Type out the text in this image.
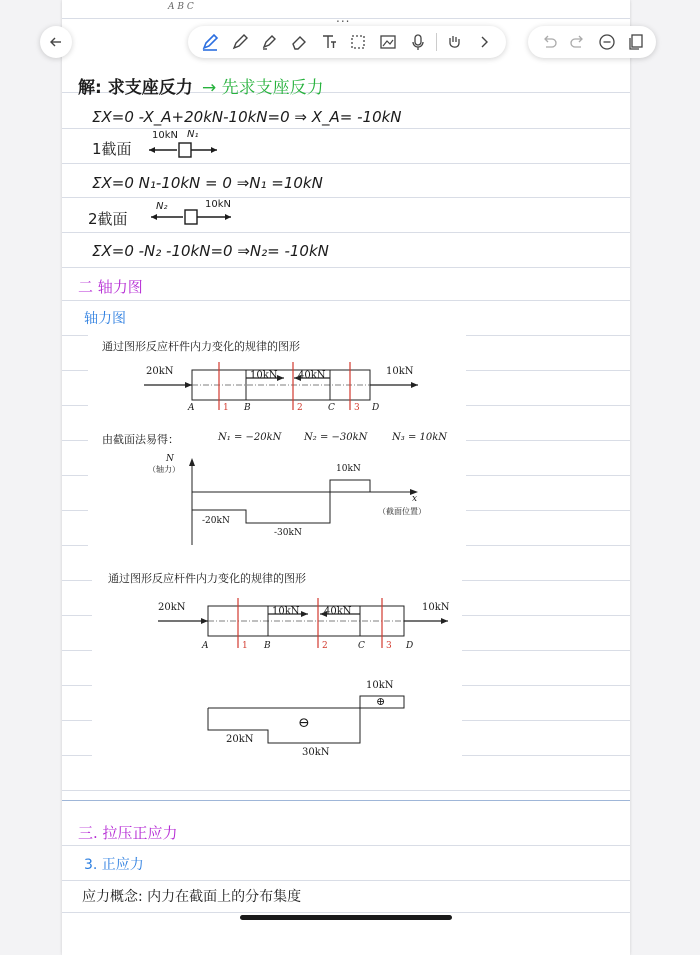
A B C
解: 求支座反力 → 先求支座反力
ΣX=0 -X_A+20kN-10kN=0 ⇒ X_A= -10kN
1截面
10kN N₁
ΣX=0 N₁-10kN = 0 ⇒N₁ =10kN
2截面
N₂	10kN
ΣX=0 -N₂ -10kN=0 ⇒N₂= -10kN
二 轴力图
轴力图
通过图形反应杆件内力变化的规律的图形
20kN	10kN 40kN	10kN
A	1 B	2	C 3 D
由截面法易得：	N₁ = −20kN N₂ = −30kN N₃ = 10kN
N
（轴力）
x
（截面位置）
10kN
-20kN
-30kN
通过图形反应杆件内力变化的规律的图形
20kN	10kN 40kN	10kN
A	1 B	2	C 3 D
10kN
⊕
⊖
20kN
30kN
三. 拉压正应力
3. 正应力
应力概念: 内力在截面上的分布集度
...
